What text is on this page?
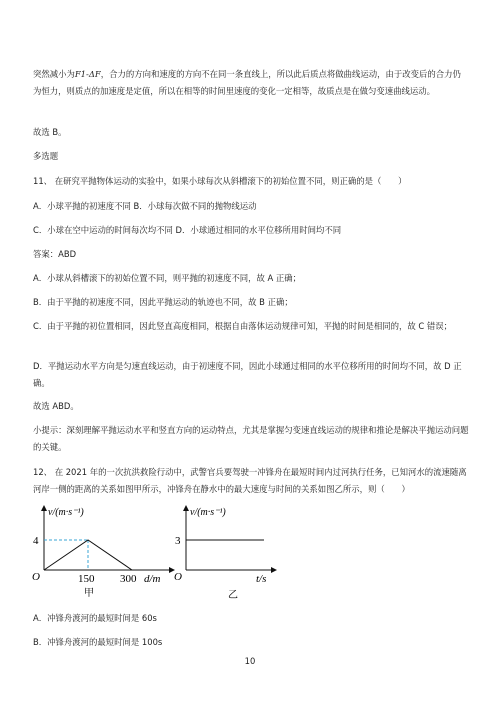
突然减小为F1-ΔF，合力的方向和速度的方向不在同一条直线上，所以此后质点将做曲线运动，由于改变后的合力仍为恒力，则质点的加速度是定值，所以在相等的时间里速度的变化一定相等，故质点是在做匀变速曲线运动。

故选 B。

多选题

11、 在研究平抛物体运动的实验中，如果小球每次从斜槽滚下的初始位置不同，则正确的是（　　）

A．小球平抛的初速度不同 B．小球每次做不同的抛物线运动

C．小球在空中运动的时间每次均不同 D．小球通过相同的水平位移所用时间均不同

答案：ABD

A．小球从斜槽滚下的初始位置不同，则平抛的初速度不同，故 A 正确；

B．由于平抛的初速度不同，因此平抛运动的轨迹也不同，故 B 正确；

C．由于平抛的初位置相同，因此竖直高度相同，根据自由落体运动规律可知，平抛的时间是相同的，故 C 错误；

D．平抛运动水平方向是匀速直线运动，由于初速度不同，因此小球通过相同的水平位移所用的时间均不同，故 D 正确。

故选 ABD。

小提示：深刻理解平抛运动水平和竖直方向的运动特点，尤其是掌握匀变速直线运动的规律和推论是解决平抛运动问题的关键。

12、 在 2021 年的一次抗洪救险行动中，武警官兵要驾驶一冲锋舟在最短时间内过河执行任务，已知河水的流速随离河岸一侧的距离的关系如图甲所示，冲锋舟在静水中的最大速度与时间的关系如图乙所示，则（　　）

v/(m·s⁻¹)
4
O	150 300 d/m
甲
v/(m·s⁻¹)
3
O	t/s
乙

A．冲锋舟渡河的最短时间是 60s

B．冲锋舟渡河的最短时间是 100s

10
